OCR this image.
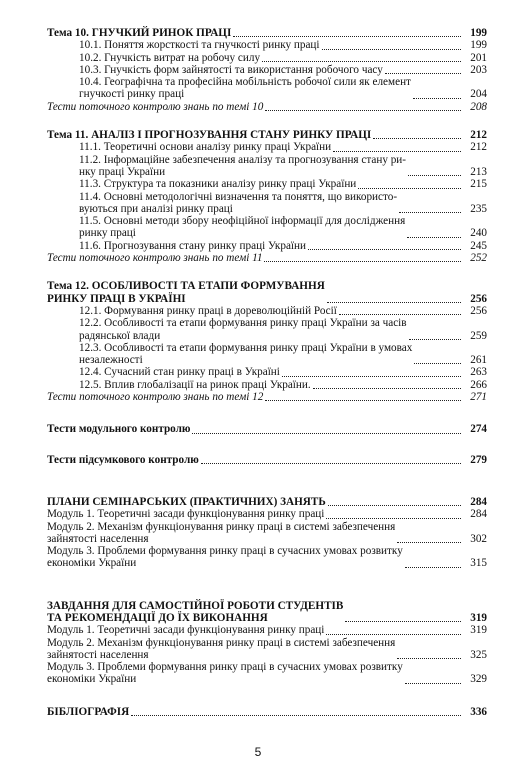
Тема 10. ГНУЧКИЙ РИНОК ПРАЦІ	199
10.1. Поняття жорсткості та гнучкості ринку праці	199
10.2. Гнучкість витрат на робочу силу	201
10.3. Гнучкість форм зайнятості та використання робочого часу	203
10.4. Географічна та професійна мобільність робочої сили як елемент
гнучкості ринку праці	204
Тести поточного контролю знань по темі 10	208
Тема 11. АНАЛІЗ І ПРОГНОЗУВАННЯ СТАНУ РИНКУ ПРАЦІ	212
11.1. Теоретичні основи аналізу ринку праці України	212
11.2. Інформаційне забезпечення аналізу та прогнозування стану ри-
нку праці України	213
11.3. Структура та показники аналізу ринку праці України	215
11.4. Основні методологічні визначення та поняття, що використо-
вуються при аналізі ринку праці	235
11.5. Основні методи збору неофіційної інформації для дослідження
ринку праці	240
11.6. Прогнозування стану ринку праці України	245
Тести поточного контролю знань по темі 11	252
Тема 12. ОСОБЛИВОСТІ ТА ЕТАПИ ФОРМУВАННЯ
РИНКУ ПРАЦІ В УКРАЇНІ	256
12.1. Формування ринку праці в дореволюційній Росії	256
12.2. Особливості та етапи формування ринку праці України за часів
радянської влади	259
12.3. Особливості та етапи формування ринку праці України в умовах
незалежності	261
12.4. Сучасний стан ринку праці в Україні	263
12.5. Вплив глобалізації на ринок праці України.	266
Тести поточного контролю знань по темі 12	271
Тести модульного контролю	274
Тести підсумкового контролю	279
ПЛАНИ СЕМІНАРСЬКИХ (ПРАКТИЧНИХ) ЗАНЯТЬ	284
Модуль 1. Теоретичні засади функціонування ринку праці	284
Модуль 2. Механізм функціонування ринку праці в системі забезпечення
зайнятості населення	302
Модуль 3. Проблеми формування ринку праці в сучасних умовах розвитку
економіки України	315
ЗАВДАННЯ ДЛЯ САМОСТІЙНОЇ РОБОТИ СТУДЕНТІВ
ТА РЕКОМЕНДАЦІЇ ДО ЇХ ВИКОНАННЯ	319
Модуль 1. Теоретичні засади функціонування ринку праці	319
Модуль 2. Механізм функціонування ринку праці в системі забезпечення
зайнятості населення	325
Модуль 3. Проблеми формування ринку праці в сучасних умовах розвитку
економіки України	329
БІБЛІОГРАФІЯ	336
5
